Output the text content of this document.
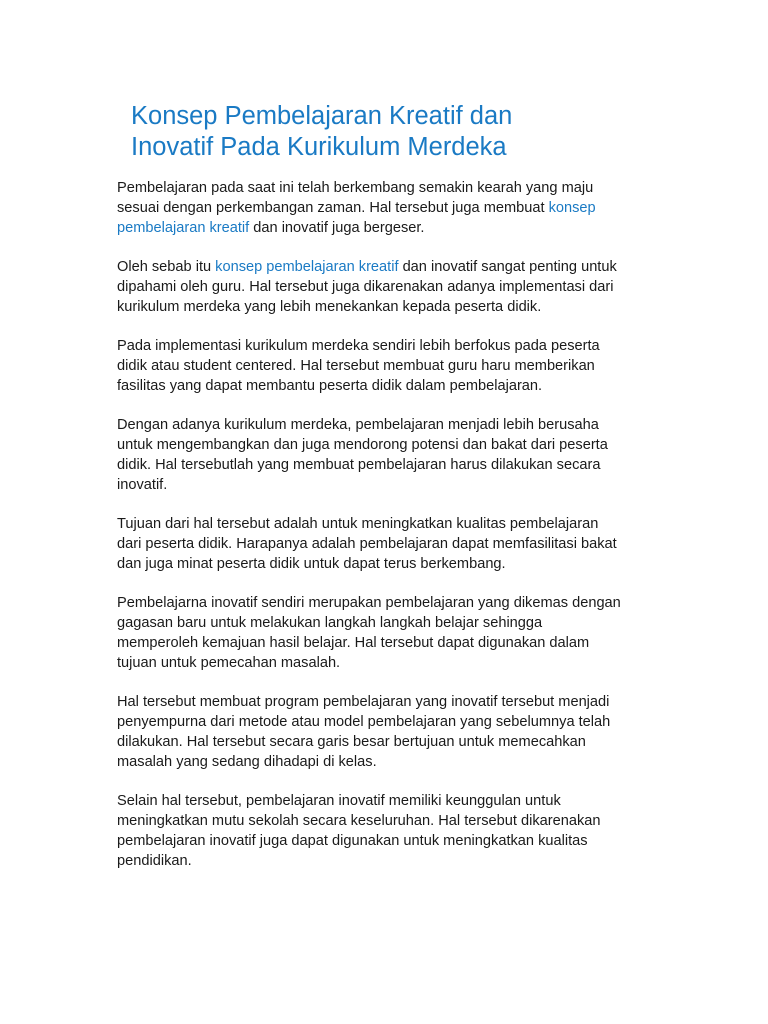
Konsep Pembelajaran Kreatif dan
Inovatif Pada Kurikulum Merdeka

Pembelajaran pada saat ini telah berkembang semakin kearah yang maju
sesuai dengan perkembangan zaman. Hal tersebut juga membuat konsep
pembelajaran kreatif dan inovatif juga bergeser.

Oleh sebab itu konsep pembelajaran kreatif dan inovatif sangat penting untuk
dipahami oleh guru. Hal tersebut juga dikarenakan adanya implementasi dari
kurikulum merdeka yang lebih menekankan kepada peserta didik.

Pada implementasi kurikulum merdeka sendiri lebih berfokus pada peserta
didik atau student centered. Hal tersebut membuat guru haru memberikan
fasilitas yang dapat membantu peserta didik dalam pembelajaran.

Dengan adanya kurikulum merdeka, pembelajaran menjadi lebih berusaha
untuk mengembangkan dan juga mendorong potensi dan bakat dari peserta
didik. Hal tersebutlah yang membuat pembelajaran harus dilakukan secara
inovatif.

Tujuan dari hal tersebut adalah untuk meningkatkan kualitas pembelajaran
dari peserta didik. Harapanya adalah pembelajaran dapat memfasilitasi bakat
dan juga minat peserta didik untuk dapat terus berkembang.

Pembelajarna inovatif sendiri merupakan pembelajaran yang dikemas dengan
gagasan baru untuk melakukan langkah langkah belajar sehingga
memperoleh kemajuan hasil belajar. Hal tersebut dapat digunakan dalam
tujuan untuk pemecahan masalah.

Hal tersebut membuat program pembelajaran yang inovatif tersebut menjadi
penyempurna dari metode atau model pembelajaran yang sebelumnya telah
dilakukan. Hal tersebut secara garis besar bertujuan untuk memecahkan
masalah yang sedang dihadapi di kelas.

Selain hal tersebut, pembelajaran inovatif memiliki keunggulan untuk
meningkatkan mutu sekolah secara keseluruhan. Hal tersebut dikarenakan
pembelajaran inovatif juga dapat digunakan untuk meningkatkan kualitas
pendidikan.
